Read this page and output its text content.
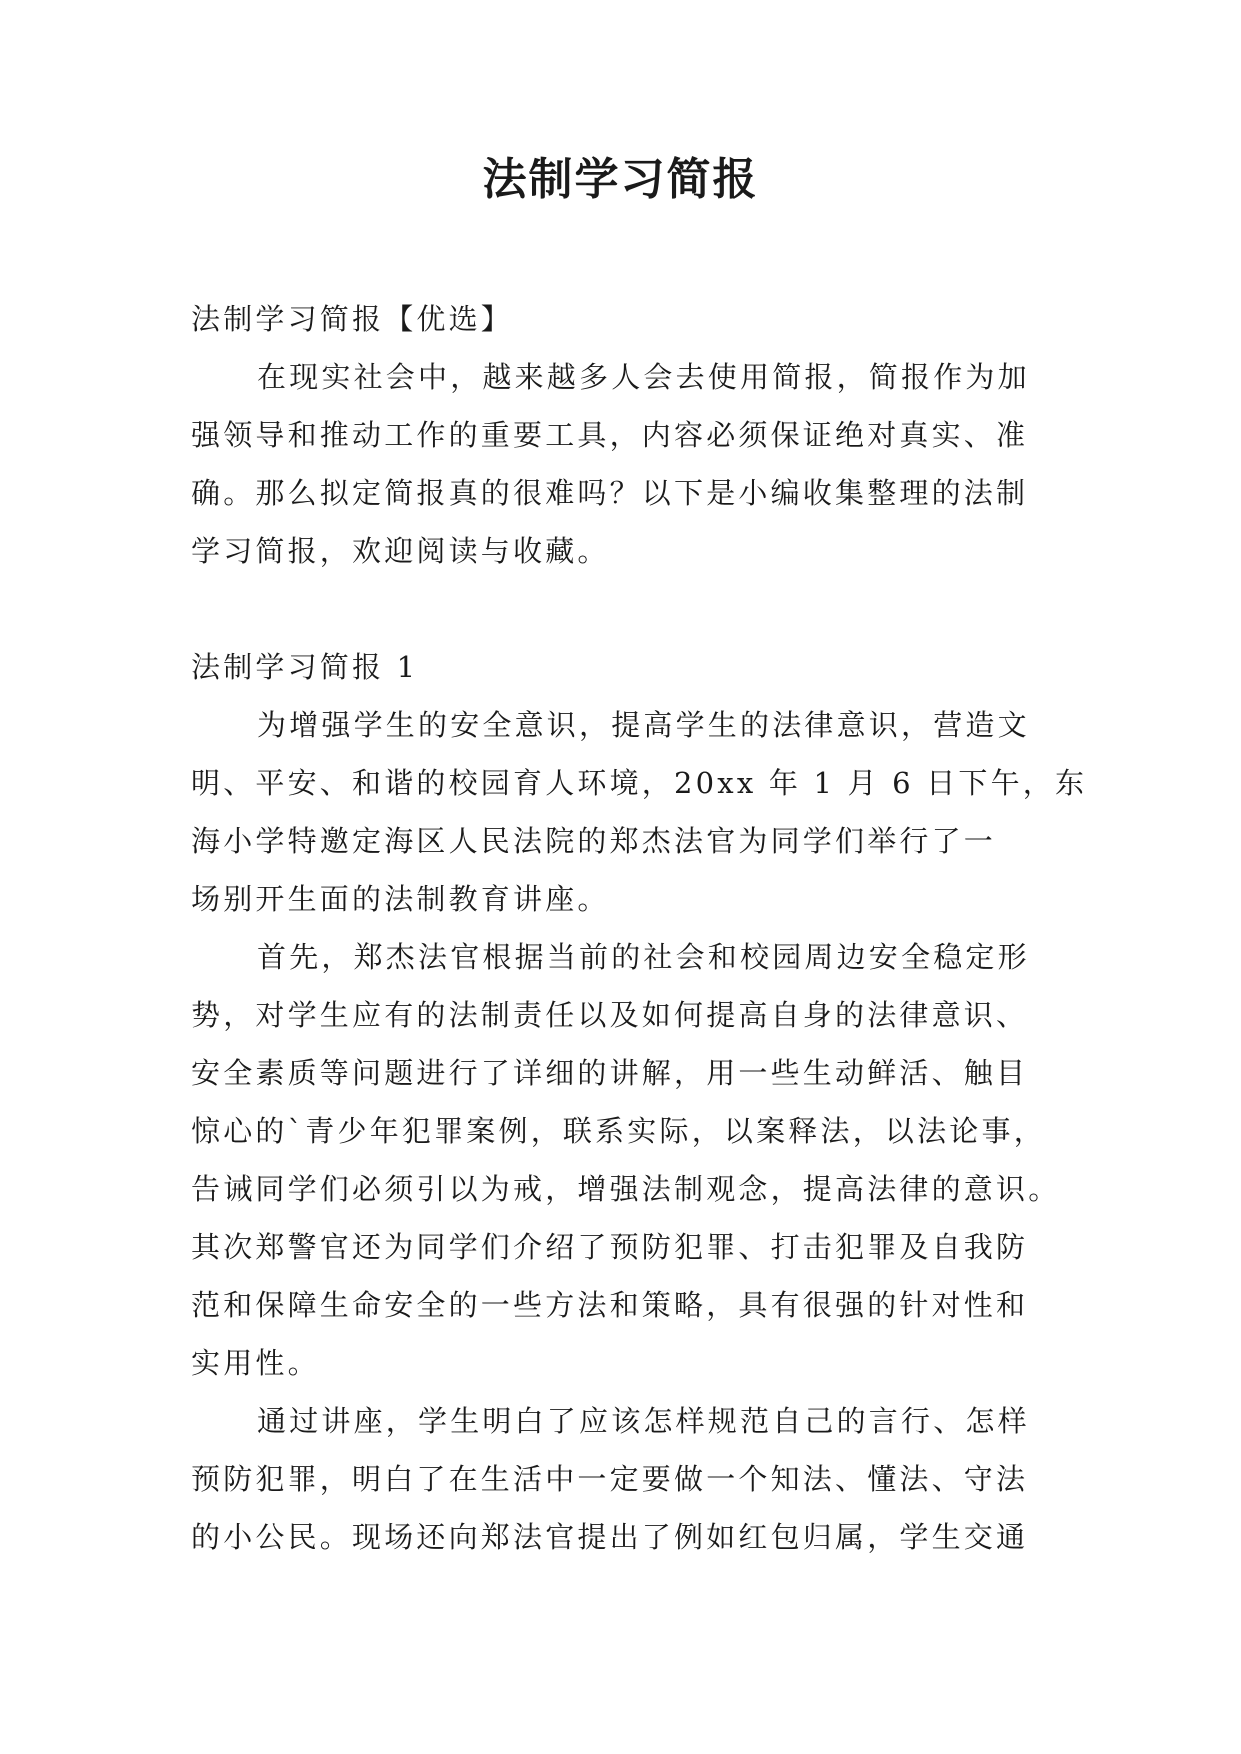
法制学习简报

法制学习简报【优选】

在现实社会中，越来越多人会去使用简报，简报作为加

强领导和推动工作的重要工具，内容必须保证绝对真实、准

确。那么拟定简报真的很难吗？以下是小编收集整理的法制

学习简报，欢迎阅读与收藏。

法制学习简报 1

为增强学生的安全意识，提高学生的法律意识，营造文

明、平安、和谐的校园育人环境，20xx 年 1 月 6 日下午，东

海小学特邀定海区人民法院的郑杰法官为同学们举行了一

场别开生面的法制教育讲座。

首先，郑杰法官根据当前的社会和校园周边安全稳定形

势，对学生应有的法制责任以及如何提高自身的法律意识、

安全素质等问题进行了详细的讲解，用一些生动鲜活、触目

惊心的`青少年犯罪案例，联系实际，以案释法，以法论事，

告诫同学们必须引以为戒，增强法制观念，提高法律的意识。

其次郑警官还为同学们介绍了预防犯罪、打击犯罪及自我防

范和保障生命安全的一些方法和策略，具有很强的针对性和

实用性。

通过讲座，学生明白了应该怎样规范自己的言行、怎样

预防犯罪，明白了在生活中一定要做一个知法、懂法、守法

的小公民。现场还向郑法官提出了例如红包归属，学生交通
